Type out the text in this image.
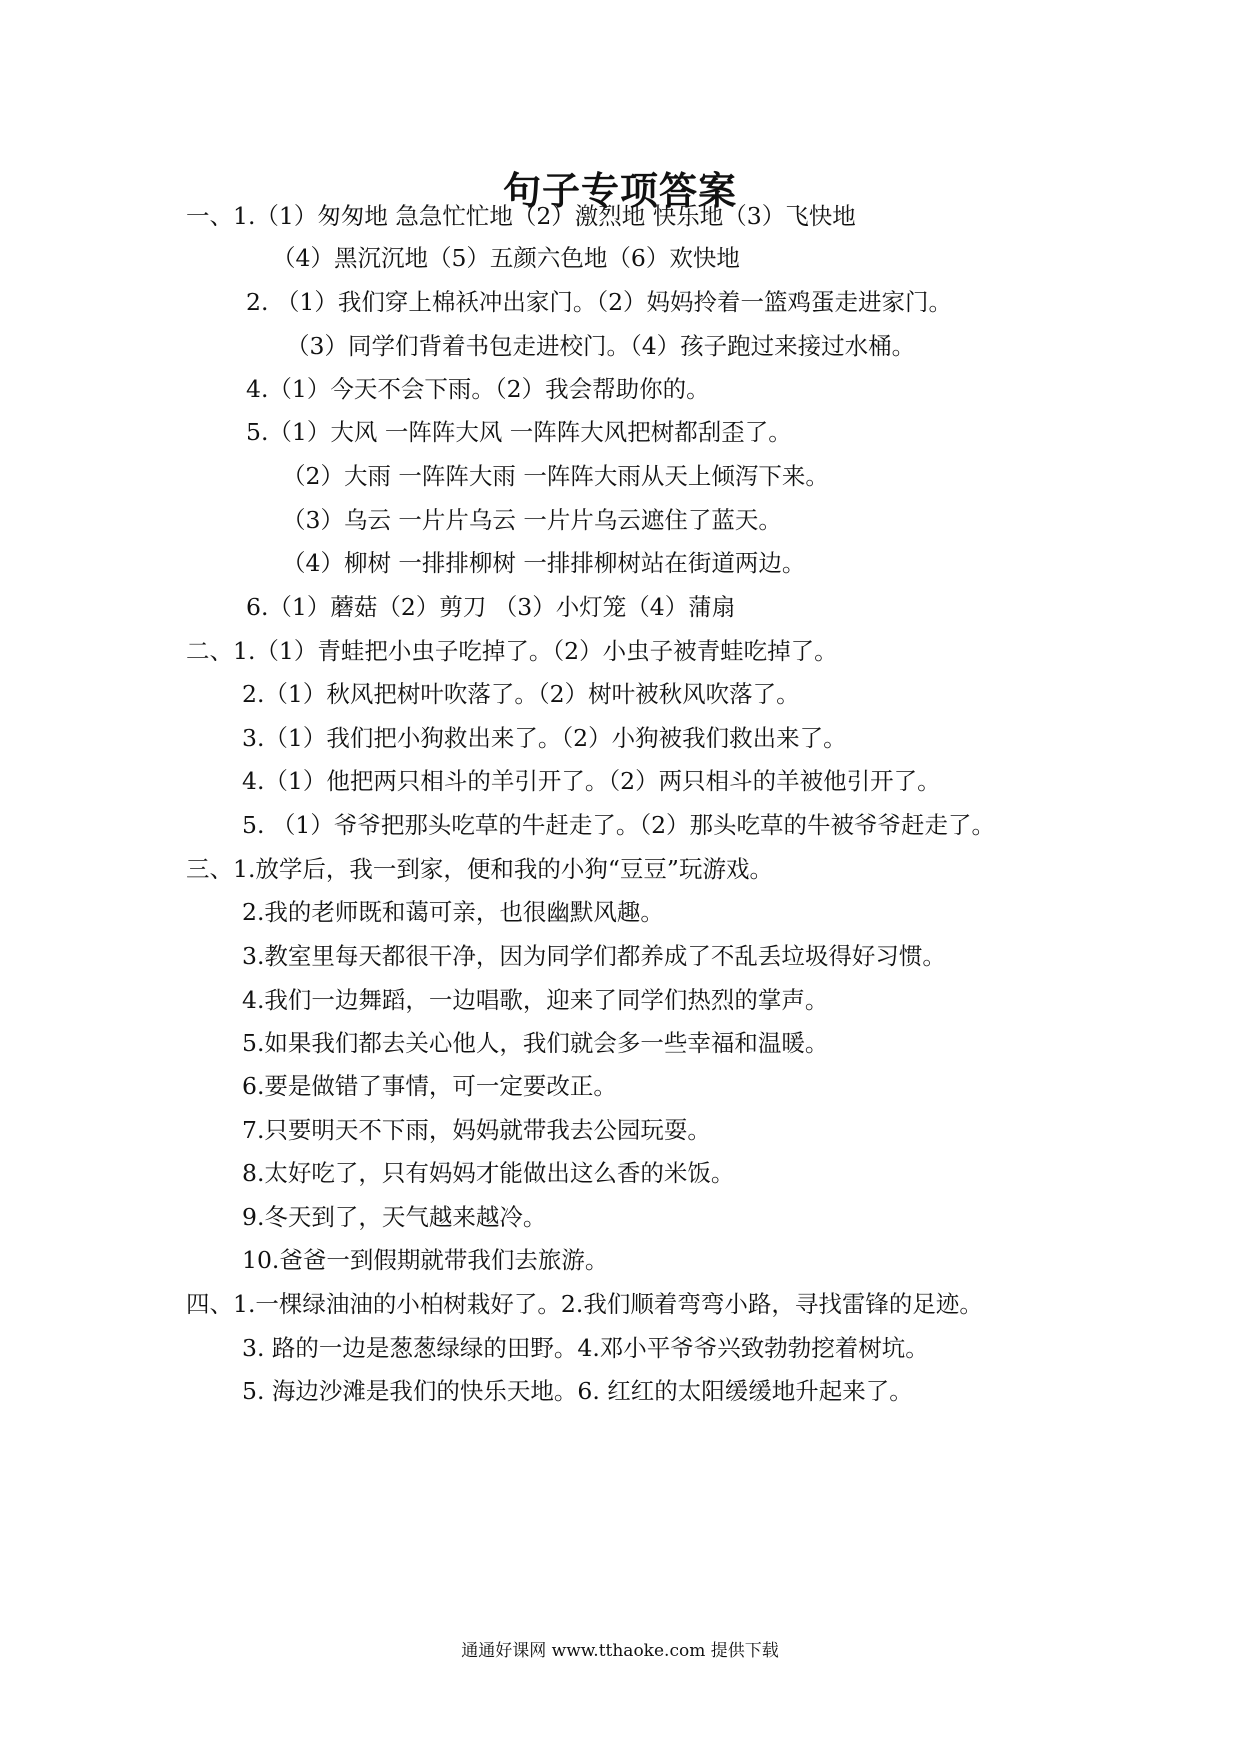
句子专项答案
一、1.（1）匆匆地 急急忙忙地（2）激烈地 快乐地（3）飞快地
（4）黑沉沉地（5）五颜六色地（6）欢快地
2. （1）我们穿上棉袄冲出家门。（2）妈妈拎着一篮鸡蛋走进家门。
（3）同学们背着书包走进校门。（4）孩子跑过来接过水桶。
4.（1）今天不会下雨。（2）我会帮助你的。
5.（1）大风 一阵阵大风 一阵阵大风把树都刮歪了。
（2）大雨 一阵阵大雨 一阵阵大雨从天上倾泻下来。
（3）乌云 一片片乌云 一片片乌云遮住了蓝天。
（4）柳树 一排排柳树 一排排柳树站在街道两边。
6.（1）蘑菇（2）剪刀 （3）小灯笼（4）蒲扇
二、1.（1）青蛙把小虫子吃掉了。（2）小虫子被青蛙吃掉了。
2.（1）秋风把树叶吹落了。（2）树叶被秋风吹落了。
3.（1）我们把小狗救出来了。（2）小狗被我们救出来了。
4.（1）他把两只相斗的羊引开了。（2）两只相斗的羊被他引开了。
5. （1）爷爷把那头吃草的牛赶走了。（2）那头吃草的牛被爷爷赶走了。
三、1.放学后，我一到家，便和我的小狗“豆豆”玩游戏。
2.我的老师既和蔼可亲，也很幽默风趣。
3.教室里每天都很干净，因为同学们都养成了不乱丢垃圾得好习惯。
4.我们一边舞蹈，一边唱歌，迎来了同学们热烈的掌声。
5.如果我们都去关心他人，我们就会多一些幸福和温暖。
6.要是做错了事情，可一定要改正。
7.只要明天不下雨，妈妈就带我去公园玩耍。
8.太好吃了，只有妈妈才能做出这么香的米饭。
9.冬天到了，天气越来越冷。
10.爸爸一到假期就带我们去旅游。
四、1.一棵绿油油的小柏树栽好了。2.我们顺着弯弯小路，寻找雷锋的足迹。
3. 路的一边是葱葱绿绿的田野。4.邓小平爷爷兴致勃勃挖着树坑。
5. 海边沙滩是我们的快乐天地。6. 红红的太阳缓缓地升起来了。
通通好课网 www.tthaoke.com 提供下载
